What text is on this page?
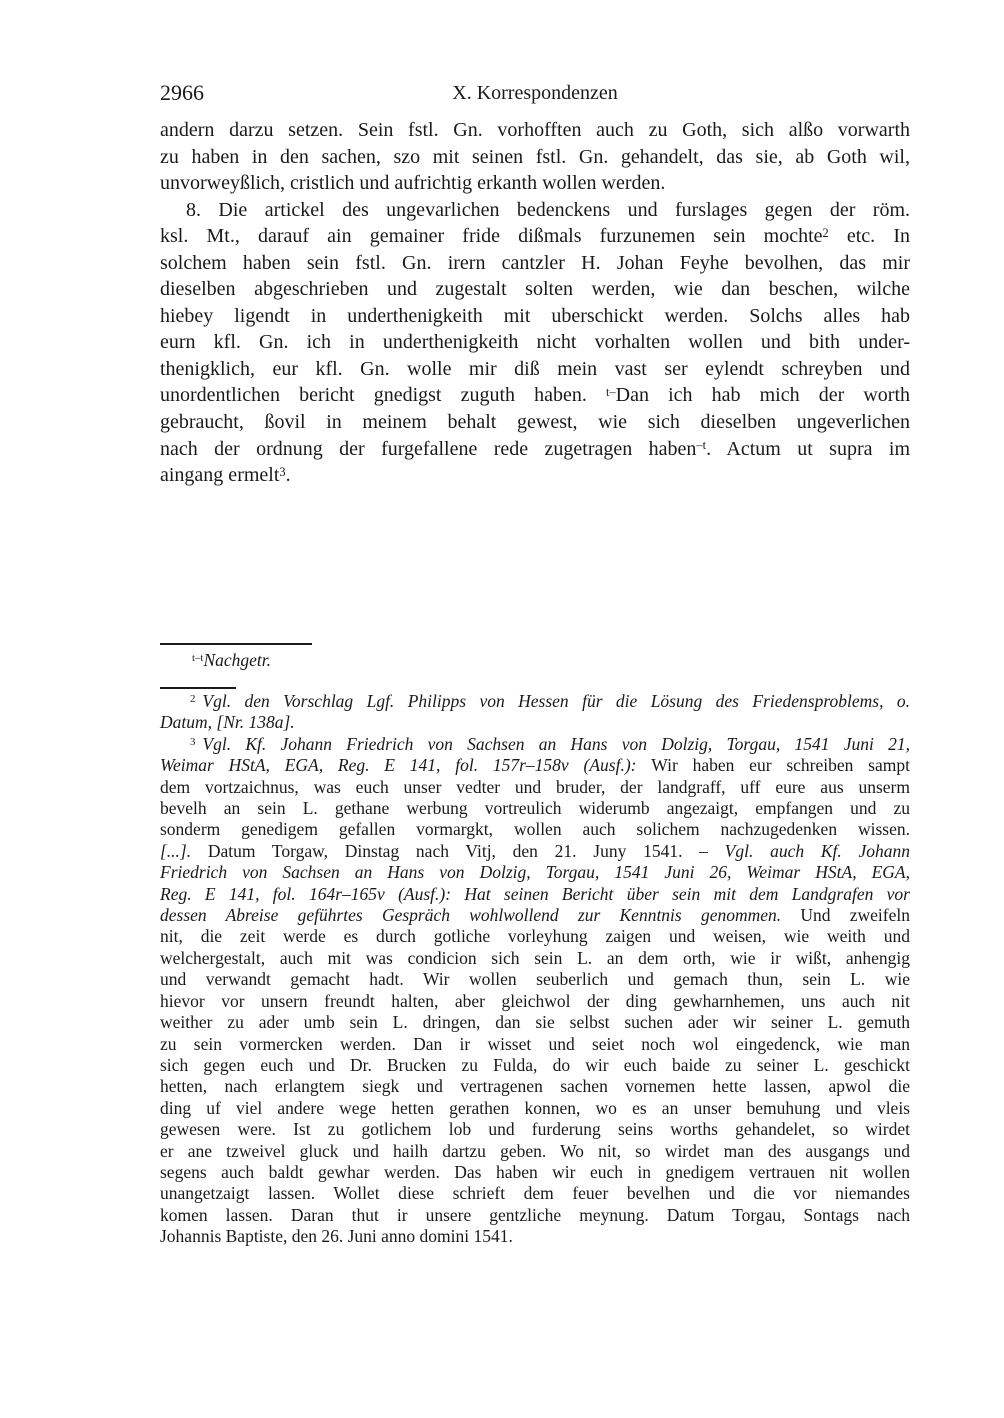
2966	X. Korrespondenzen
andern darzu setzen. Sein fstl. Gn. vorhofften auch zu Goth, sich alßo vorwarth
zu haben in den sachen, szo mit seinen fstl. Gn. gehandelt, das sie, ab Goth wil,
unvorweyßlich, cristlich und aufrichtig erkanth wollen werden.
8. Die artickel des ungevarlichen bedenckens und furslages gegen der röm.
ksl. Mt., darauf ain gemainer fride dißmals furzunemen sein mochte$^2$ etc. In
solchem haben sein fstl. Gn. irern cantzler H. Johan Feyhe bevolhen, das mir
dieselben abgeschrieben und zugestalt solten werden, wie dan beschen, wilche
hiebey ligendt in underthenigkeith mit uberschickt werden. Solchs alles hab
eurn kfl. Gn. ich in underthenigkeith nicht vorhalten wollen und bith under-
thenigklich, eur kfl. Gn. wolle mir diß mein vast ser eylendt schreyben und
unordentlichen bericht gnedigst zuguth haben. $^{t-}$Dan ich hab mich der worth
gebraucht, ßovil in meinem behalt gewest, wie sich dieselben ungeverlichen
nach der ordnung der furgefallene rede zugetragen haben$^{-t}$. Actum ut supra im
aingang ermelt$^3$.
$^{t-t}$Nachgetr.
$^2$ Vgl. den Vorschlag Lgf. Philipps von Hessen für die Lösung des Friedensproblems, o.
Datum, [Nr. 138a].
$^3$ Vgl. Kf. Johann Friedrich von Sachsen an Hans von Dolzig, Torgau, 1541 Juni 21,
Weimar HStA, EGA, Reg. E 141, fol. 157r–158v (Ausf.): Wir haben eur schreiben sampt
dem vortzaichnus, was euch unser vedter und bruder, der landgraff, uff eure aus unserm
bevelh an sein L. gethane werbung vortreulich widerumb angezaigt, empfangen und zu
sonderm genedigem gefallen vormargkt, wollen auch solichem nachzugedenken wissen.
[...]. Datum Torgaw, Dinstag nach Vitj, den 21. Juny 1541. – Vgl. auch Kf. Johann
Friedrich von Sachsen an Hans von Dolzig, Torgau, 1541 Juni 26, Weimar HStA, EGA,
Reg. E 141, fol. 164r–165v (Ausf.): Hat seinen Bericht über sein mit dem Landgrafen vor
dessen Abreise geführtes Gespräch wohlwollend zur Kenntnis genommen. Und zweifeln
nit, die zeit werde es durch gotliche vorleyhung zaigen und weisen, wie weith und
welchergestalt, auch mit was condicion sich sein L. an dem orth, wie ir wißt, anhengig
und verwandt gemacht hadt. Wir wollen seuberlich und gemach thun, sein L. wie
hievor vor unsern freundt halten, aber gleichwol der ding gewharnhemen, uns auch nit
weither zu ader umb sein L. dringen, dan sie selbst suchen ader wir seiner L. gemuth
zu sein vormercken werden. Dan ir wisset und seiet noch wol eingedenck, wie man
sich gegen euch und Dr. Brucken zu Fulda, do wir euch baide zu seiner L. geschickt
hetten, nach erlangtem siegk und vertragenen sachen vornemen hette lassen, apwol die
ding uf viel andere wege hetten gerathen konnen, wo es an unser bemuhung und vleis
gewesen were. Ist zu gotlichem lob und furderung seins worths gehandelet, so wirdet
er ane tzweivel gluck und hailh dartzu geben. Wo nit, so wirdet man des ausgangs und
segens auch baldt gewhar werden. Das haben wir euch in gnedigem vertrauen nit wollen
unangetzaigt lassen. Wollet diese schrieft dem feuer bevelhen und die vor niemandes
komen lassen. Daran thut ir unsere gentzliche meynung. Datum Torgau, Sontags nach
Johannis Baptiste, den 26. Juni anno domini 1541.
